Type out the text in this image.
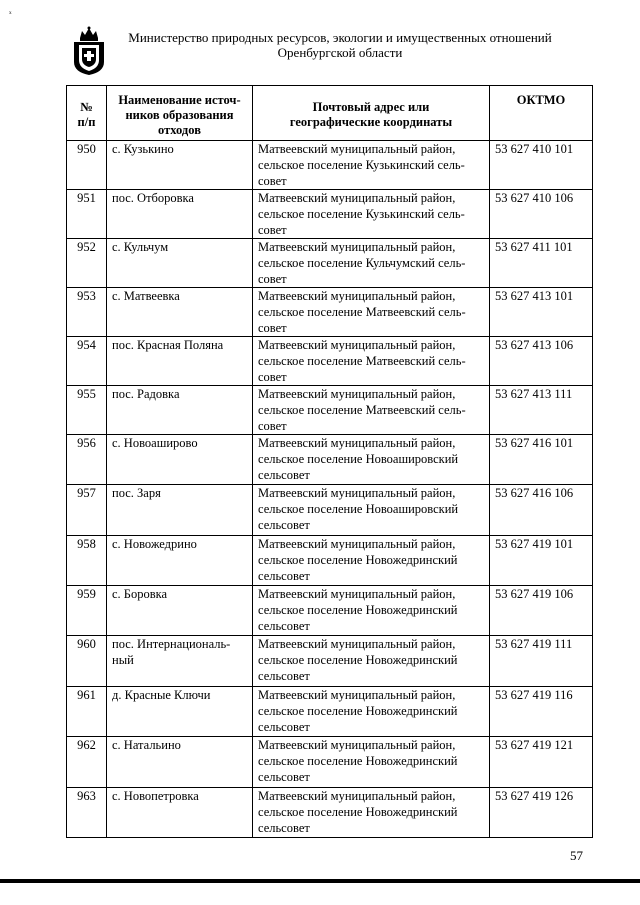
ₓ
Министерство природных ресурсов, экологии и имущественных отношений
Оренбургской области
№
п/п	Наименование источ-
ников образования
отходов	Почтовый адрес или
географические координаты	ОКТМО

950	с. Кузькино	Матвеевский муниципальный район,
сельское поселение Кузькинский сель-
совет	53 627 410 101

951	пос. Отборовка	Матвеевский муниципальный район,
сельское поселение Кузькинский сель-
совет	53 627 410 106

952	с. Кульчум	Матвеевский муниципальный район,
сельское поселение Кульчумский сель-
совет	53 627 411 101

953	с. Матвеевка	Матвеевский муниципальный район,
сельское поселение Матвеевский сель-
совет	53 627 413 101

954	пос. Красная Поляна	Матвеевский муниципальный район,
сельское поселение Матвеевский сель-
совет	53 627 413 106

955	пос. Радовка	Матвеевский муниципальный район,
сельское поселение Матвеевский сель-
совет	53 627 413 111

956	с. Новоаширово	Матвеевский муниципальный район,
сельское поселение Новоашировский
сельсовет	53 627 416 101

957	пос. Заря	Матвеевский муниципальный район,
сельское поселение Новоашировский
сельсовет	53 627 416 106

958	с. Новожедрино	Матвеевский муниципальный район,
сельское поселение Новожедринский
сельсовет	53 627 419 101

959	с. Боровка	Матвеевский муниципальный район,
сельское поселение Новожедринский
сельсовет	53 627 419 106

960	пос. Интернациональ-
ный	Матвеевский муниципальный район,
сельское поселение Новожедринский
сельсовет	53 627 419 111

961	д. Красные Ключи	Матвеевский муниципальный район,
сельское поселение Новожедринский
сельсовет	53 627 419 116

962	с. Натальино	Матвеевский муниципальный район,
сельское поселение Новожедринский
сельсовет	53 627 419 121

963	с. Новопетровка	Матвеевский муниципальный район,
сельское поселение Новожедринский
сельсовет	53 627 419 126
57
